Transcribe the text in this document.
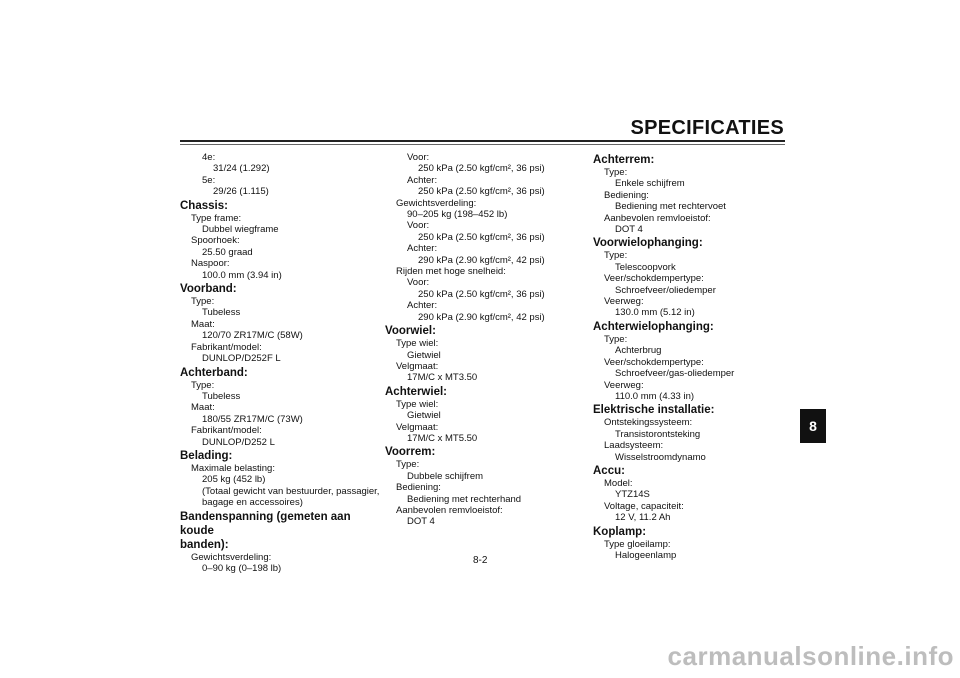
SPECIFICATIES
8
4e:
31/24 (1.292)
5e:
29/26 (1.115)
Chassis:
Type frame:
Dubbel wiegframe
Spoorhoek:
25.50 graad
Naspoor:
100.0 mm (3.94 in)
Voorband:
Type:
Tubeless
Maat:
120/70 ZR17M/C (58W)
Fabrikant/model:
DUNLOP/D252F L
Achterband:
Type:
Tubeless
Maat:
180/55 ZR17M/C (73W)
Fabrikant/model:
DUNLOP/D252 L
Belading:
Maximale belasting:
205 kg (452 lb)
(Totaal gewicht van bestuurder, passagier,
bagage en accessoires)
Bandenspanning (gemeten aan koude
banden):
Gewichtsverdeling:
0–90 kg (0–198 lb)
Voor:
250 kPa (2.50 kgf/cm², 36 psi)
Achter:
250 kPa (2.50 kgf/cm², 36 psi)
Gewichtsverdeling:
90–205 kg (198–452 lb)
Voor:
250 kPa (2.50 kgf/cm², 36 psi)
Achter:
290 kPa (2.90 kgf/cm², 42 psi)
Rijden met hoge snelheid:
Voor:
250 kPa (2.50 kgf/cm², 36 psi)
Achter:
290 kPa (2.90 kgf/cm², 42 psi)
Voorwiel:
Type wiel:
Gietwiel
Velgmaat:
17M/C x MT3.50
Achterwiel:
Type wiel:
Gietwiel
Velgmaat:
17M/C x MT5.50
Voorrem:
Type:
Dubbele schijfrem
Bediening:
Bediening met rechterhand
Aanbevolen remvloeistof:
DOT 4
Achterrem:
Type:
Enkele schijfrem
Bediening:
Bediening met rechtervoet
Aanbevolen remvloeistof:
DOT 4
Voorwielophanging:
Type:
Telescoopvork
Veer/schokdempertype:
Schroefveer/oliedemper
Veerweg:
130.0 mm (5.12 in)
Achterwielophanging:
Type:
Achterbrug
Veer/schokdempertype:
Schroefveer/gas-oliedemper
Veerweg:
110.0 mm (4.33 in)
Elektrische installatie:
Ontstekingssysteem:
Transistorontsteking
Laadsysteem:
Wisselstroomdynamo
Accu:
Model:
YTZ14S
Voltage, capaciteit:
12 V, 11.2 Ah
Koplamp:
Type gloeilamp:
Halogeenlamp
8-2
carmanualsonline.info
